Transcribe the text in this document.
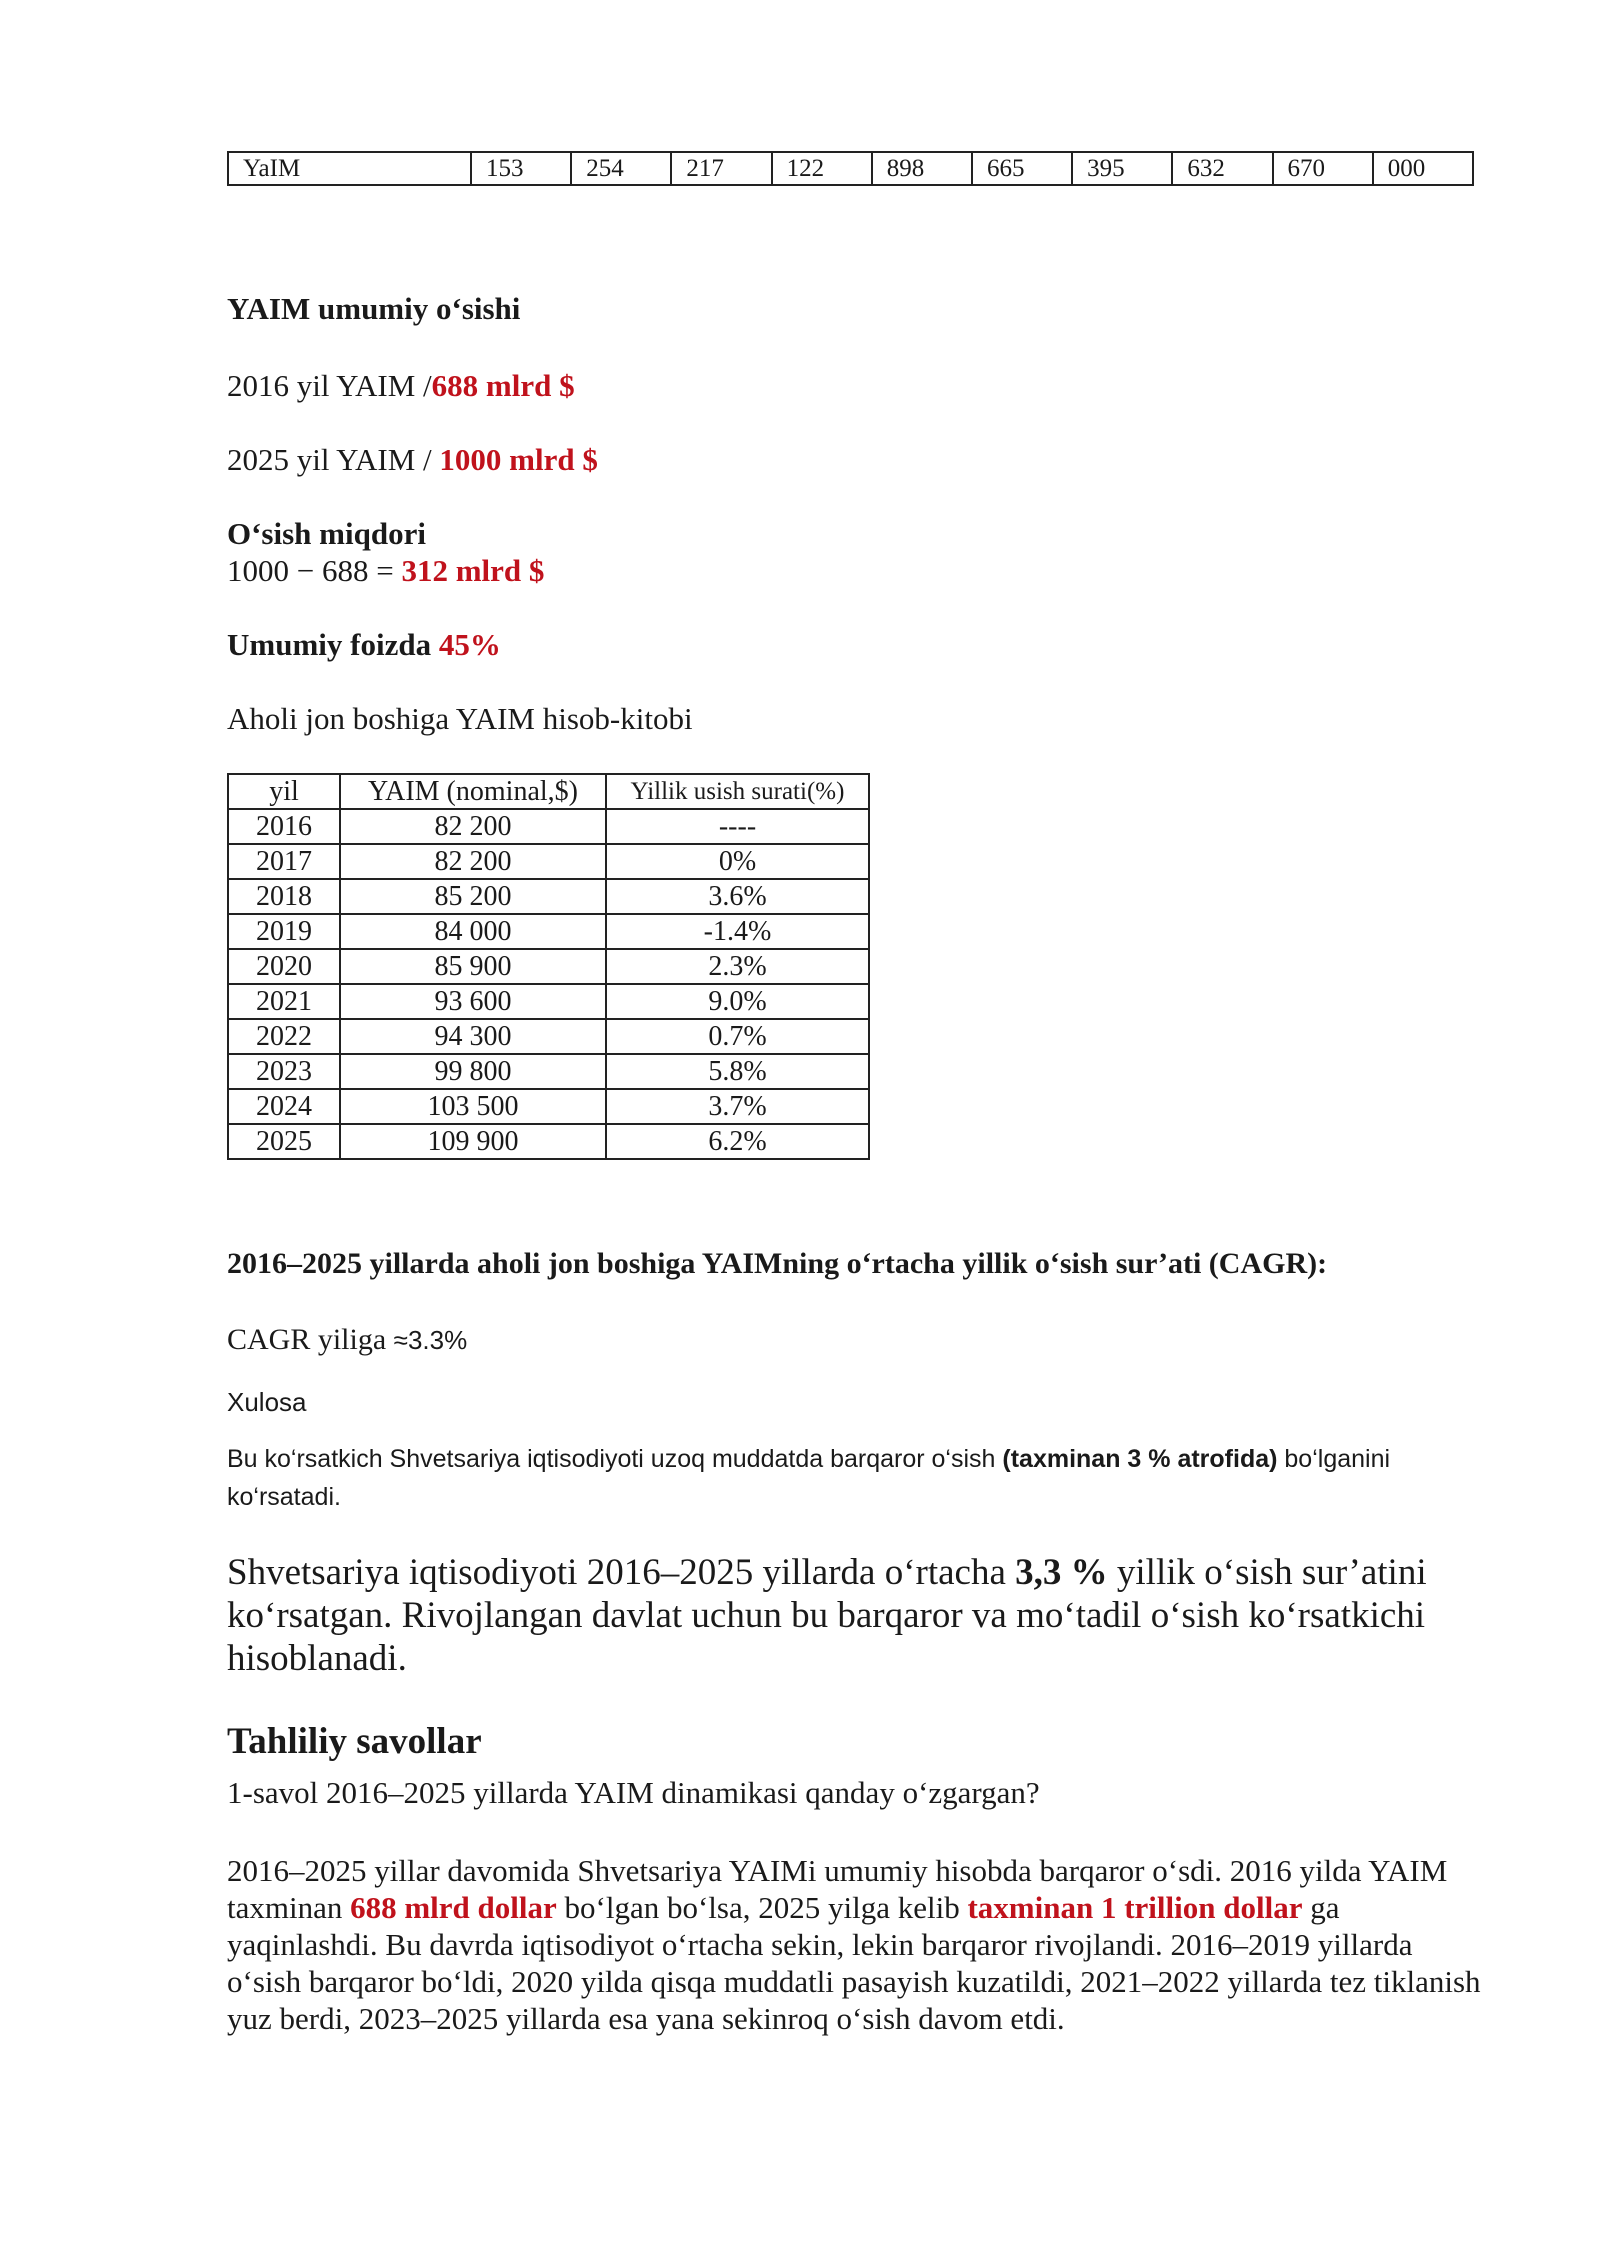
YaIM	153	254	217	122	898	665	395	632	670	000
YAIM umumiy o‘sishi
2016 yil YAIM /688 mlrd $
2025 yil YAIM / 1000 mlrd $
O‘sish miqdori
1000 − 688 = 312 mlrd $
Umumiy foizda 45%
Aholi jon boshiga YAIM hisob-kitobi
yil	YAIM (nominal,$)	Yillik usish surati(%)
2016	82 200	----
2017	82 200	0%
2018	85 200	3.6%
2019	84 000	-1.4%
2020	85 900	2.3%
2021	93 600	9.0%
2022	94 300	0.7%
2023	99 800	5.8%
2024	103 500	3.7%
2025	109 900	6.2%
2016–2025 yillarda aholi jon boshiga YAIMning o‘rtacha yillik o‘sish sur’ati (CAGR):
CAGR yiliga ≈3.3%
Xulosa
Bu ko‘rsatkich Shvetsariya iqtisodiyoti uzoq muddatda barqaror o‘sish (taxminan 3 % atrofida) bo‘lganini ko‘rsatadi.
Shvetsariya iqtisodiyoti 2016–2025 yillarda o‘rtacha 3,3 % yillik o‘sish sur’atini ko‘rsatgan. Rivojlangan davlat uchun bu barqaror va mo‘tadil o‘sish ko‘rsatkichi hisoblanadi.
Tahliliy savollar
1-savol 2016–2025 yillarda YAIM dinamikasi qanday o‘zgargan?
2016–2025 yillar davomida Shvetsariya YAIMi umumiy hisobda barqaror o‘sdi. 2016 yilda YAIM taxminan 688 mlrd dollar bo‘lgan bo‘lsa, 2025 yilga kelib taxminan 1 trillion dollar ga yaqinlashdi. Bu davrda iqtisodiyot o‘rtacha sekin, lekin barqaror rivojlandi. 2016–2019 yillarda o‘sish barqaror bo‘ldi, 2020 yilda qisqa muddatli pasayish kuzatildi, 2021–2022 yillarda tez tiklanish yuz berdi, 2023–2025 yillarda esa yana sekinroq o‘sish davom etdi.
